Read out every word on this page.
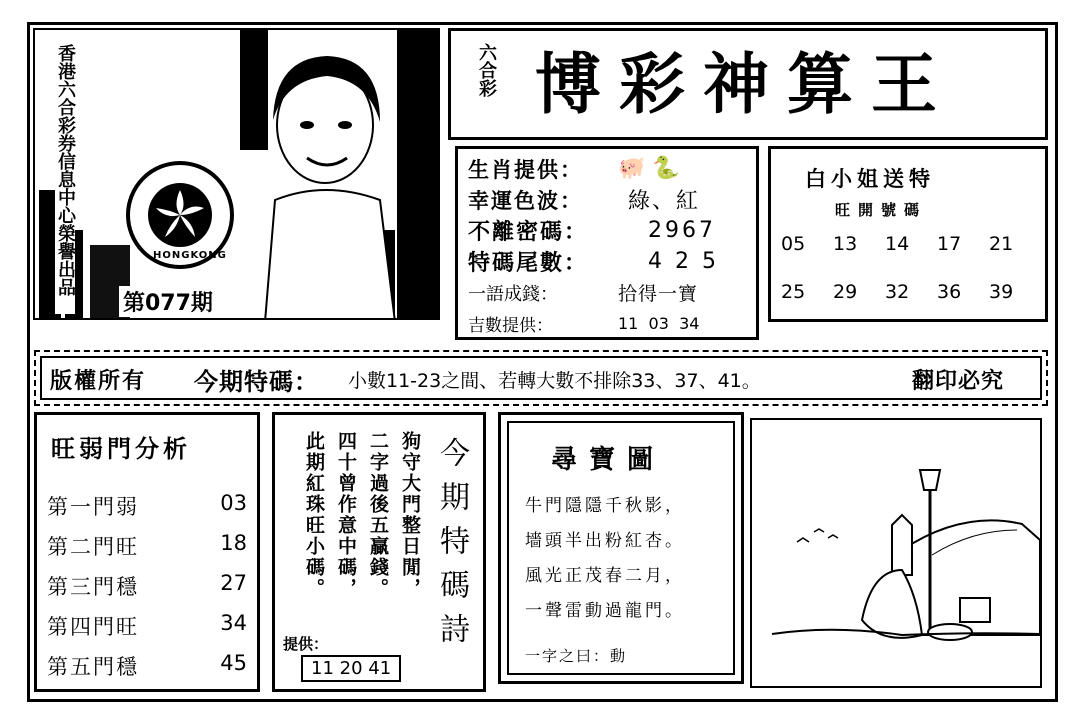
香港六合彩券信息中心榮譽出品	HONGKONG
第077期
六合彩 博彩神算王
生肖提供：	🐖 🐍
幸運色波：	綠、紅
不離密碼：	2967
特碼尾數：	4 2 5
一語成錢：	拾得一寶
吉數提供：	11  03  34
白小姐送特
旺開號碼
05	13	14	17	21
25	29	32	36	39
版權所有 今期特碼： 小數11-23之間、若轉大數不排除33、37、41。	翻印必究
旺弱門分析
第一門弱	03
第二門旺	18
第三門穩	27
第四門旺	34
第五門穩	45
今期特碼詩
狗守大門整日閒，
二字過後五贏錢。
四十曾作意中碼，
此期紅珠旺小碼。
提供：
11 20 41
尋寶圖
牛門隱隱千秋影，
墻頭半出粉紅杏。
風光正茂春二月，
一聲雷動過龍門。
一字之曰：動
